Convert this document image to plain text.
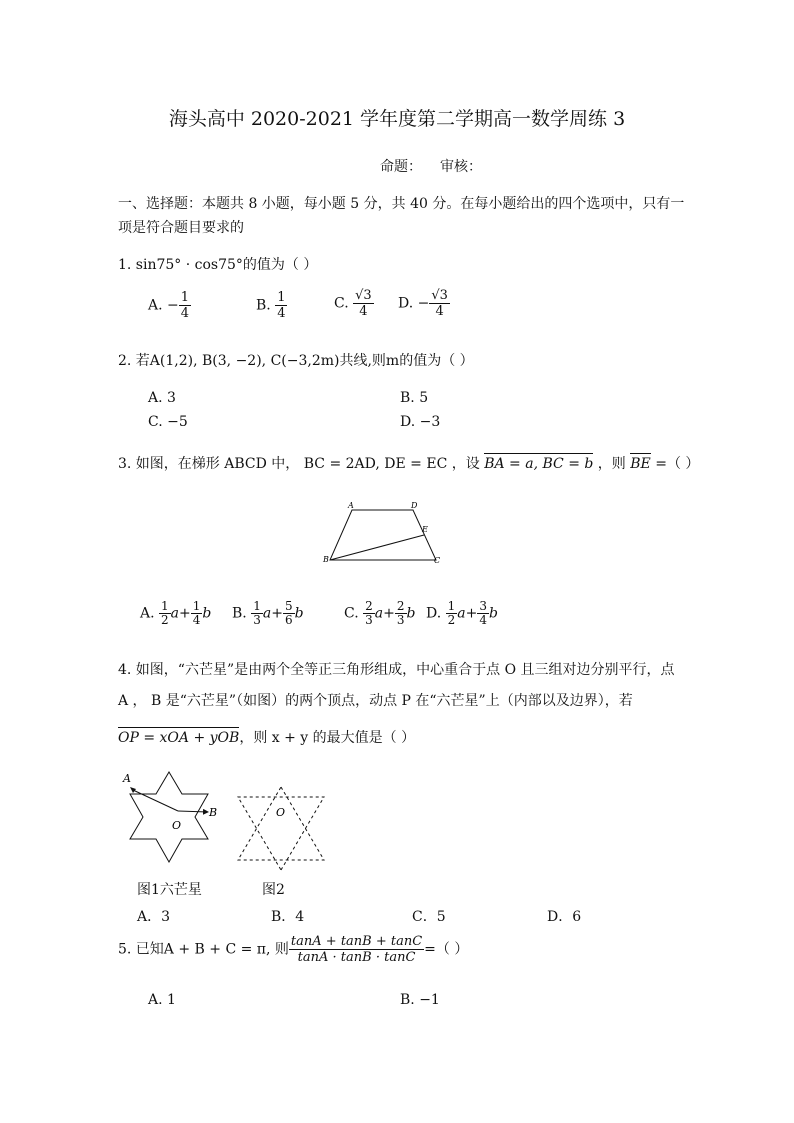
海头高中 2020-2021 学年度第二学期高一数学周练 3
命题： 审核：
一、选择题：本题共 8 小题，每小题 5 分，共 40 分。在每小题给出的四个选项中，只有一
项是符合题目要求的
1. sin75° · cos75°的值为（ ）
A. − $\frac{1}{4}$	B. $\frac{1}{4}$	C. $\frac{√3}{4} D$. − $\frac{√3}{4}$
2. 若A(1,2), B(3, −2), C(−3,2m)共线,则m的值为（ ）
A. 3	B. 5
C. −5	D. −3
3. 如图，在梯形 ABCD 中， BC = 2AD, DE = EC ，设 BA = a, BC = b ，则 BE =（ ）
A	D
E
B	C
A. $\frac{1}{2} a+ \frac{1}{4}$ b B. $\frac{1}{3} a+ \frac{5}{6}$ b	C. $\frac{2}{3} a+ \frac{2}{3}$ b D. $\frac{1}{2} a+ \frac{3}{4}$ b
4. 如图，“六芒星”是由两个全等正三角形组成，中心重合于点 O 且三组对边分别平行，点
A ， B 是“六芒星”（如图）的两个顶点，动点 P 在“六芒星”上（内部以及边界），若
OP = xOA + yOB，则 x + y 的最大值是（ ）
A
B
O
O
图1六芒星	图2
A．3	B．4	C．5	D．6
5. 已知A + B + C = π, 则 $\frac{\tan A + \tan B + \tan C}{\tan A \cdot \tan B \cdot \tan C}$ =（ ）
A. 1	B. −1
